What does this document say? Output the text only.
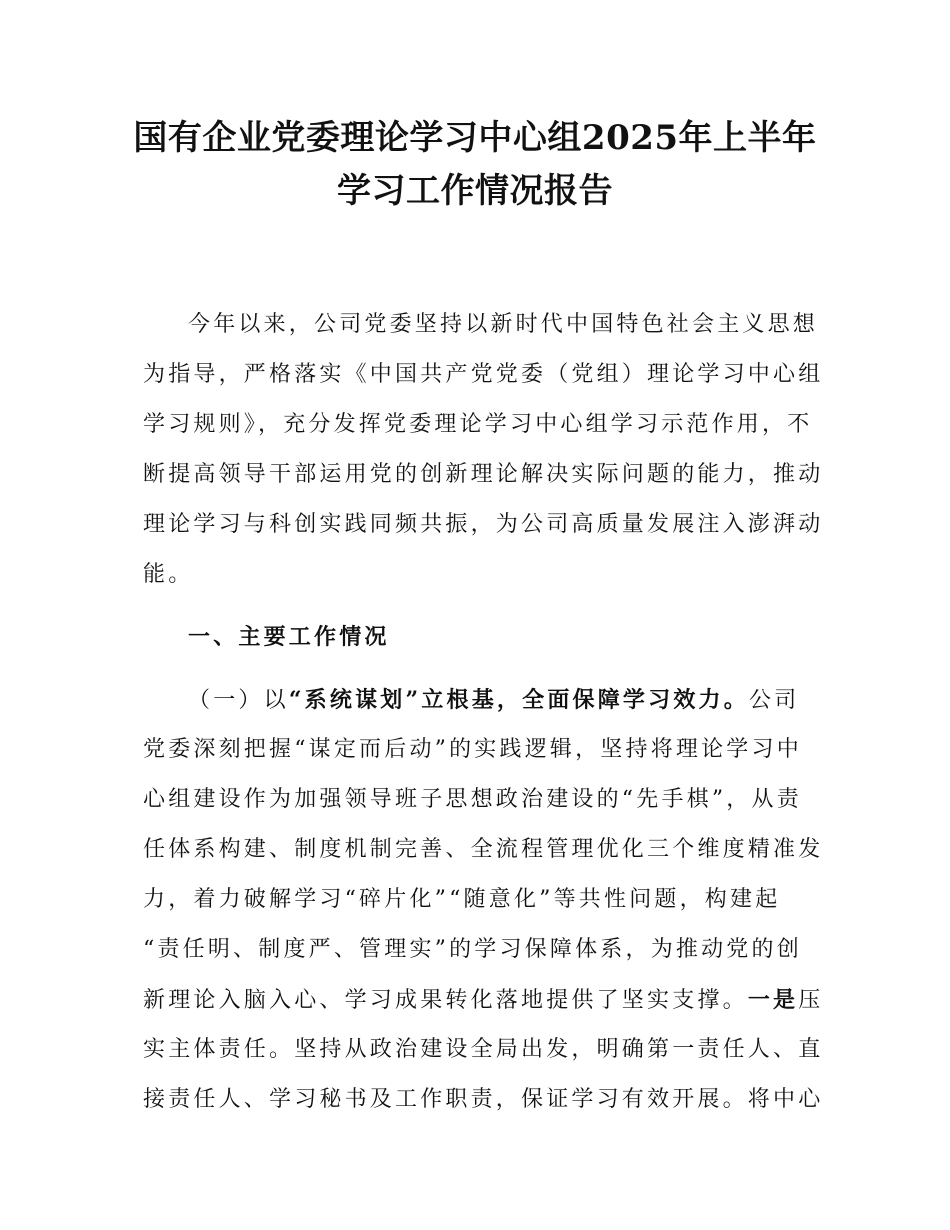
国有企业党委理论学习中心组2025年上半年
学习工作情况报告
今年以来，公司党委坚持以新时代中国特色社会主义思想
为指导，严格落实《中国共产党党委（党组）理论学习中心组
学习规则》，充分发挥党委理论学习中心组学习示范作用，不
断提高领导干部运用党的创新理论解决实际问题的能力，推动
理论学习与科创实践同频共振，为公司高质量发展注入澎湃动
能。
一、主要工作情况
（一）以“系统谋划”立根基，全面保障学习效力。公司
党委深刻把握“谋定而后动”的实践逻辑，坚持将理论学习中
心组建设作为加强领导班子思想政治建设的“先手棋”，从责
任体系构建、制度机制完善、全流程管理优化三个维度精准发
力，着力破解学习“碎片化”“随意化”等共性问题，构建起
“责任明、制度严、管理实”的学习保障体系，为推动党的创
新理论入脑入心、学习成果转化落地提供了坚实支撑。一是压
实主体责任。坚持从政治建设全局出发，明确第一责任人、直
接责任人、学习秘书及工作职责，保证学习有效开展。将中心
